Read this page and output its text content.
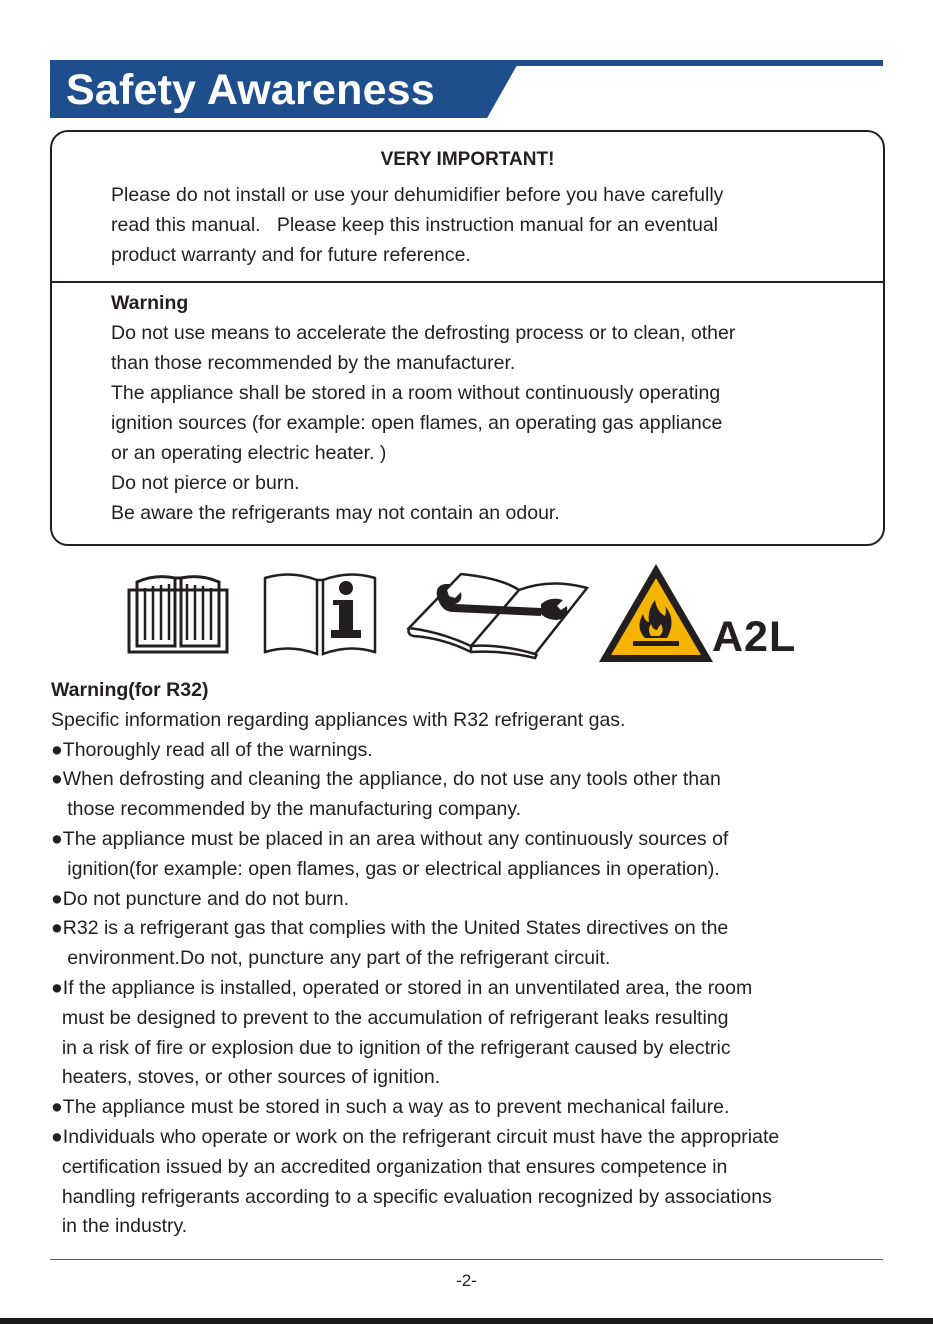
Safety Awareness
VERY IMPORTANT!
Please do not install or use your dehumidifier before you have carefully
read this manual.   Please keep this instruction manual for an eventual
product warranty and for future reference.
Warning
Do not use means to accelerate the defrosting process or to clean, other
than those recommended by the manufacturer.
The appliance shall be stored in a room without continuously operating
ignition sources (for example: open flames, an operating gas appliance
or an operating electric heater. )
Do not pierce or burn.
Be aware the refrigerants may not contain an odour.
A2L
Warning(for R32)
Specific information regarding appliances with R32 refrigerant gas.
●Thoroughly read all of the warnings.
●When defrosting and cleaning the appliance, do not use any tools other than
those recommended by the manufacturing company.
●The appliance must be placed in an area without any continuously sources of
ignition(for example: open flames, gas or electrical appliances in operation).
●Do not puncture and do not burn.
●R32 is a refrigerant gas that complies with the United States directives on the
environment.Do not, puncture any part of the refrigerant circuit.
●If the appliance is installed, operated or stored in an unventilated area, the room
must be designed to prevent to the accumulation of refrigerant leaks resulting
in a risk of fire or explosion due to ignition of the refrigerant caused by electric
heaters, stoves, or other sources of ignition.
●The appliance must be stored in such a way as to prevent mechanical failure.
●Individuals who operate or work on the refrigerant circuit must have the appropriate
certification issued by an accredited organization that ensures competence in
handling refrigerants according to a specific evaluation recognized by associations
in the industry.
-2-
